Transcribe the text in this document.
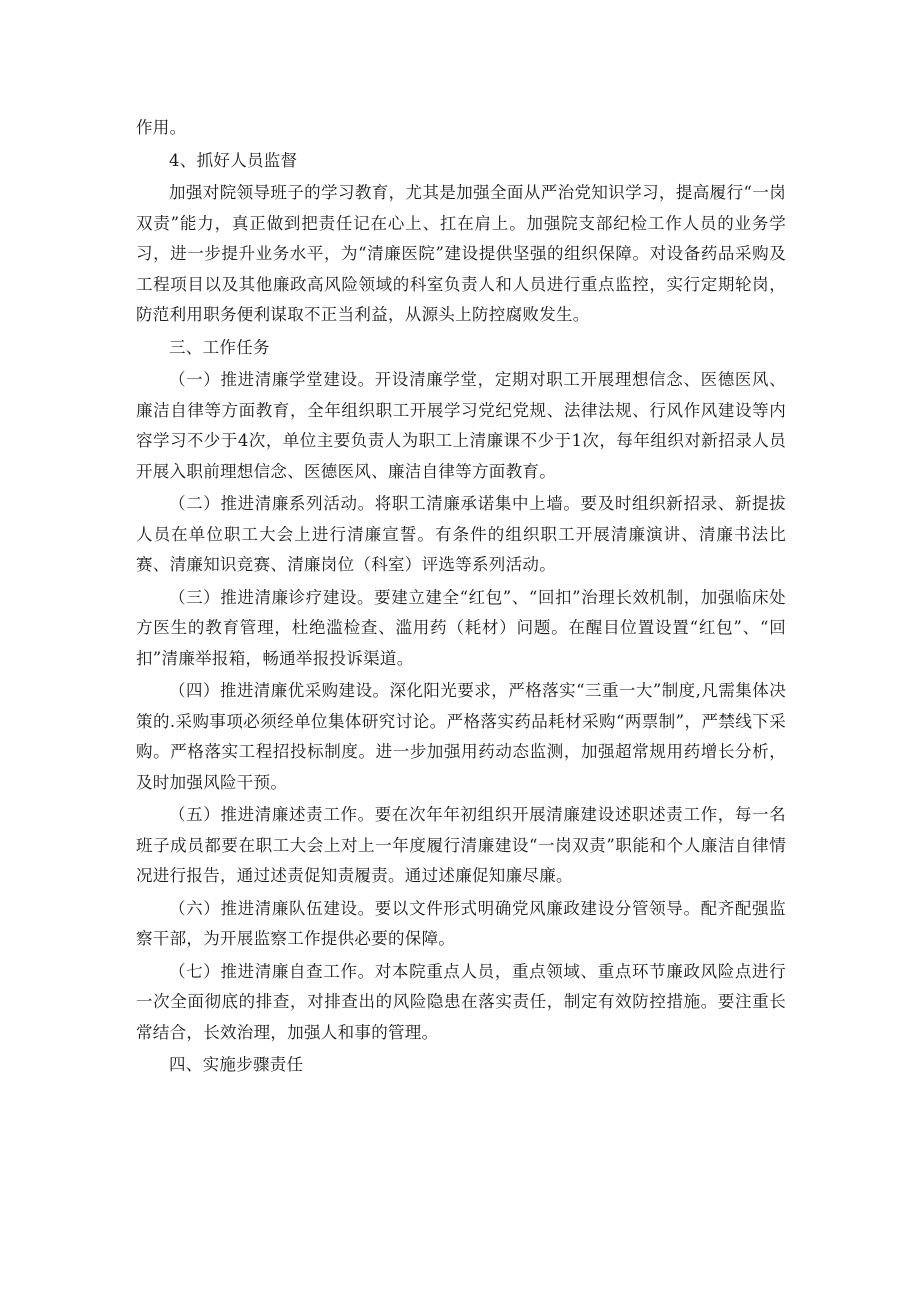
作用。

4、抓好人员监督

加强对院领导班子的学习教育，尤其是加强全面从严治党知识学习，提高履行“一岗双责”能力，真正做到把责任记在心上、扛在肩上。加强院支部纪检工作人员的业务学习，进一步提升业务水平，为“清廉医院”建设提供坚强的组织保障。对设备药品采购及工程项目以及其他廉政高风险领域的科室负责人和人员进行重点监控，实行定期轮岗，防范利用职务便利谋取不正当利益，从源头上防控腐败发生。

三、工作任务

（一）推进清廉学堂建设。开设清廉学堂，定期对职工开展理想信念、医德医风、廉洁自律等方面教育，全年组织职工开展学习党纪党规、法律法规、行风作风建设等内容学习不少于4次，单位主要负责人为职工上清廉课不少于1次，每年组织对新招录人员开展入职前理想信念、医德医风、廉洁自律等方面教育。

（二）推进清廉系列活动。将职工清廉承诺集中上墙。要及时组织新招录、新提拔人员在单位职工大会上进行清廉宣誓。有条件的组织职工开展清廉演讲、清廉书法比赛、清廉知识竞赛、清廉岗位（科室）评选等系列活动。

（三）推进清廉诊疗建设。要建立建全“红包”、“回扣”治理长效机制，加强临床处方医生的教育管理，杜绝滥检查、滥用药（耗材）问题。在醒目位置设置“红包”、“回扣”清廉举报箱，畅通举报投诉渠道。

（四）推进清廉优采购建设。深化阳光要求，严格落实“三重一大”制度,凡需集体决策的.采购事项必须经单位集体研究讨论。严格落实药品耗材采购“两票制”，严禁线下采购。严格落实工程招投标制度。进一步加强用药动态监测，加强超常规用药增长分析，及时加强风险干预。

（五）推进清廉述责工作。要在次年年初组织开展清廉建设述职述责工作，每一名班子成员都要在职工大会上对上一年度履行清廉建设“一岗双责”职能和个人廉洁自律情况进行报告，通过述责促知责履责。通过述廉促知廉尽廉。

（六）推进清廉队伍建设。要以文件形式明确党风廉政建设分管领导。配齐配强监察干部，为开展监察工作提供必要的保障。

（七）推进清廉自查工作。对本院重点人员，重点领域、重点环节廉政风险点进行一次全面彻底的排查，对排查出的风险隐患在落实责任，制定有效防控措施。要注重长常结合，长效治理，加强人和事的管理。

四、实施步骤责任
